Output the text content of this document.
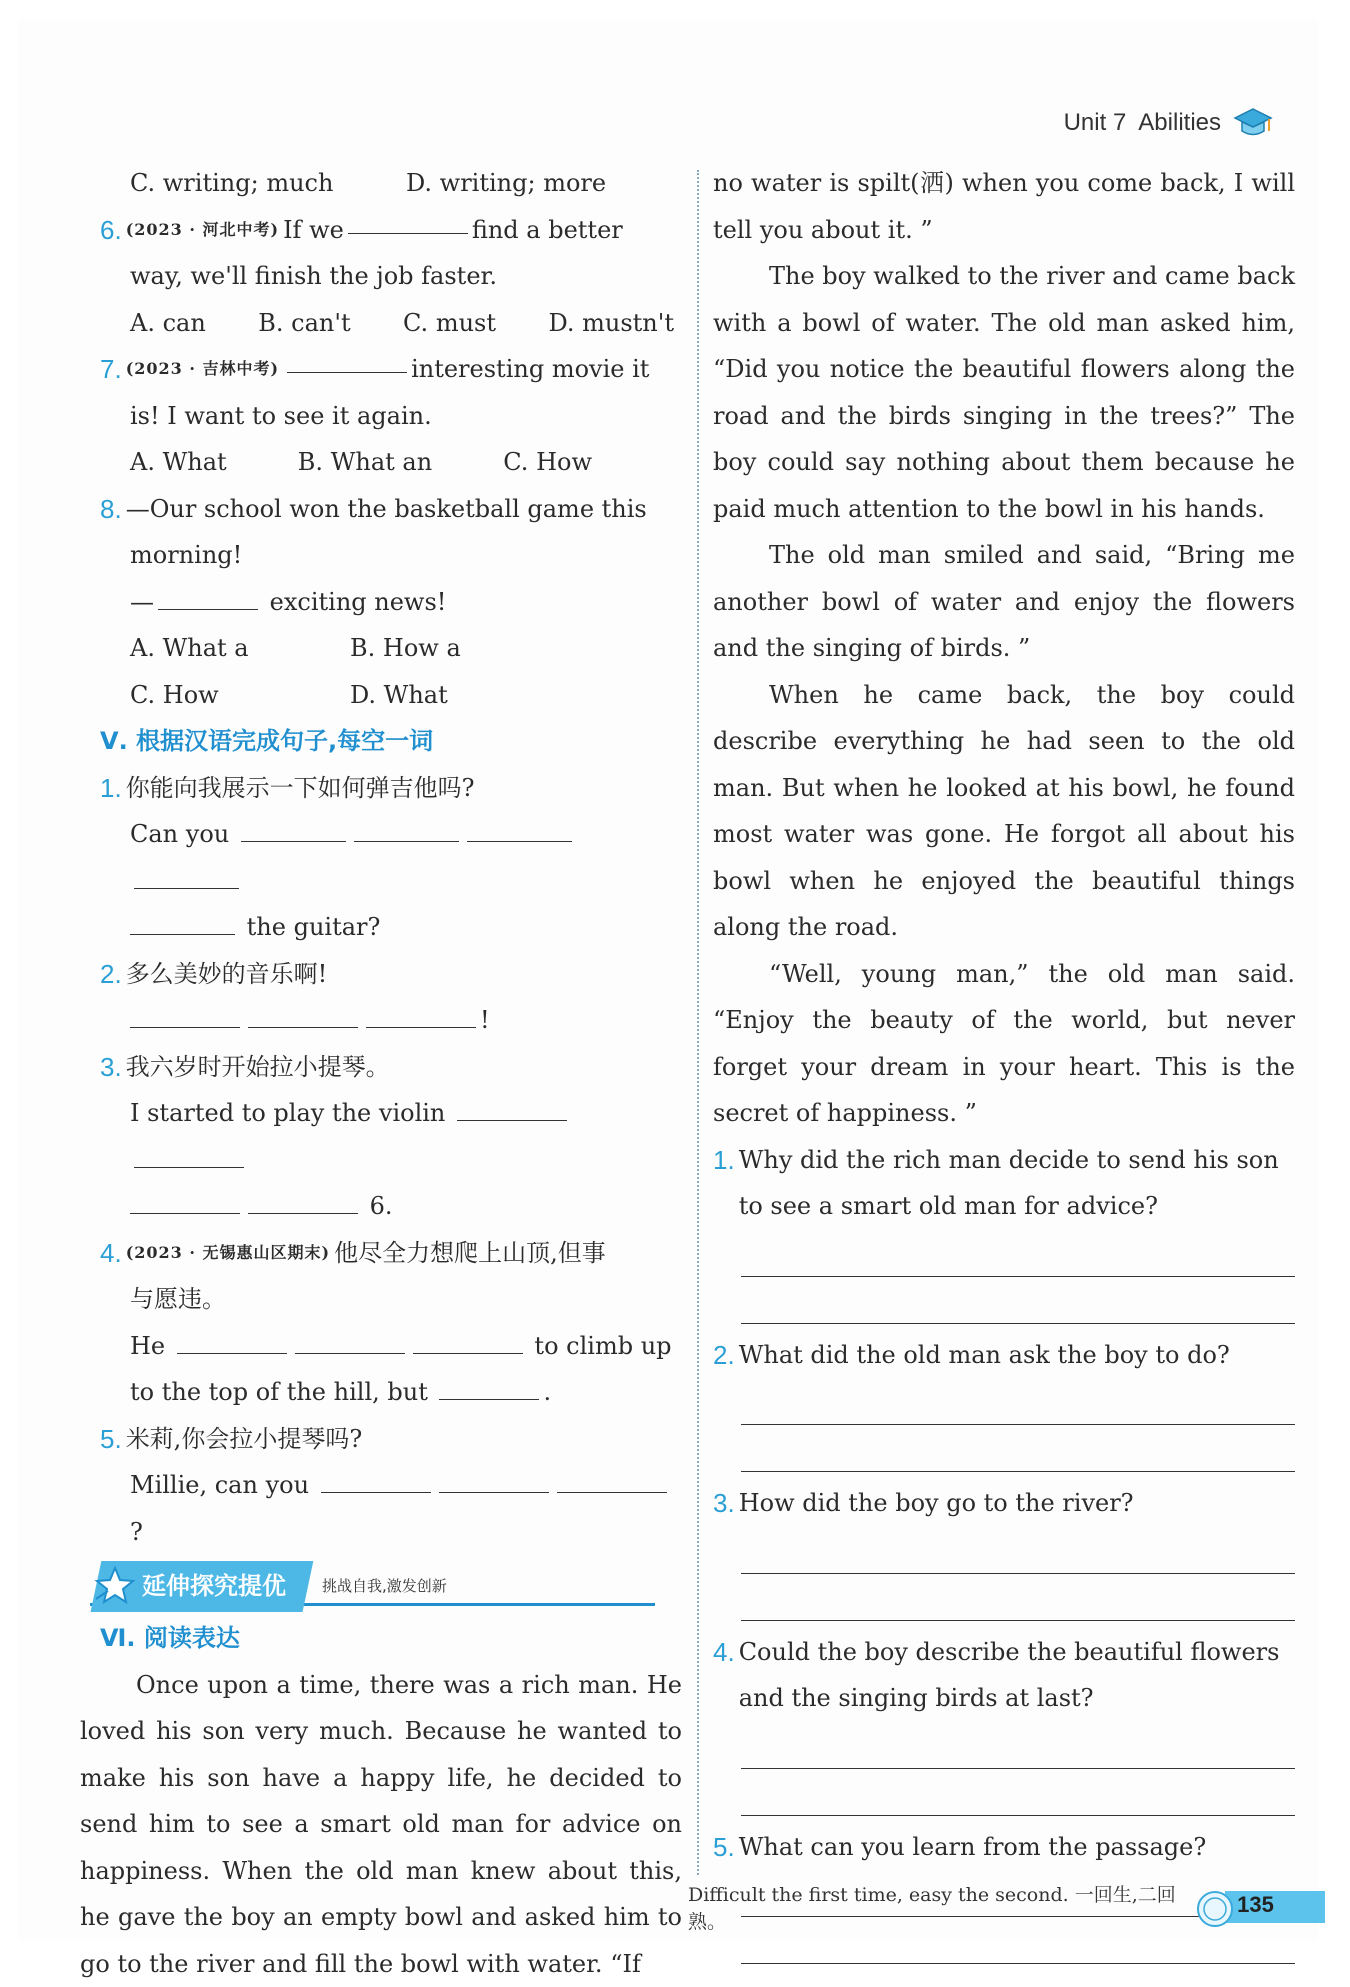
Unit 7 Abilities
C. writing; much	D. writing; more
6. (2023 · 河北中考) If we	find a better
way, we'll finish the job faster.
A. can B. can't C. must D. mustn't
7. (2023 · 吉林中考)	interesting movie it
is! I want to see it again.
A. What	B. What an	C. How
8. —Our school won the basketball game this
morning!
—	exciting news!
A. What a	B. How a
C. How	D. What
Ⅴ. 根据汉语完成句子,每空一词
1. 你能向我展示一下如何弹吉他吗?
Can you
the guitar?
2. 多么美妙的音乐啊!
!
3. 我六岁时开始拉小提琴。
I started to play the violin
6.
4. (2023 · 无锡惠山区期末) 他尽全力想爬上山顶,但事
与愿违。
He	to climb up
to the top of the hill, but	.
5. 米莉,你会拉小提琴吗?
Millie, can you ?
延伸探究提优	挑战自我,激发创新
Ⅵ. 阅读表达
Once upon a time, there was a rich man. He loved his son very much. Because he wanted to make his son have a happy life, he decided to send him to see a smart old man for advice on happiness. When the old man knew about this, he gave the boy an empty bowl and asked him to go to the river and fill the bowl with water. “If
no water is spilt(洒) when you come back, I will tell you about it. ”
The boy walked to the river and came back with a bowl of water. The old man asked him, “Did you notice the beautiful flowers along the road and the birds singing in the trees?” The boy could say nothing about them because he paid much attention to the bowl in his hands.
The old man smiled and said, “Bring me another bowl of water and enjoy the flowers and the singing of birds. ”
When he came back, the boy could describe everything he had seen to the old man. But when he looked at his bowl, he found most water was gone. He forgot all about his bowl when he enjoyed the beautiful things along the road.
“Well, young man,” the old man said. “Enjoy the beauty of the world, but never forget your dream in your heart. This is the secret of happiness. ”
1. Why did the rich man decide to send his son to see a smart old man for advice?
2. What did the old man ask the boy to do?
3. How did the boy go to the river?
4. Could the boy describe the beautiful flowers and the singing birds at last?
5. What can you learn from the passage?
Difficult the first time, easy the second. 一回生,二回熟。
135
